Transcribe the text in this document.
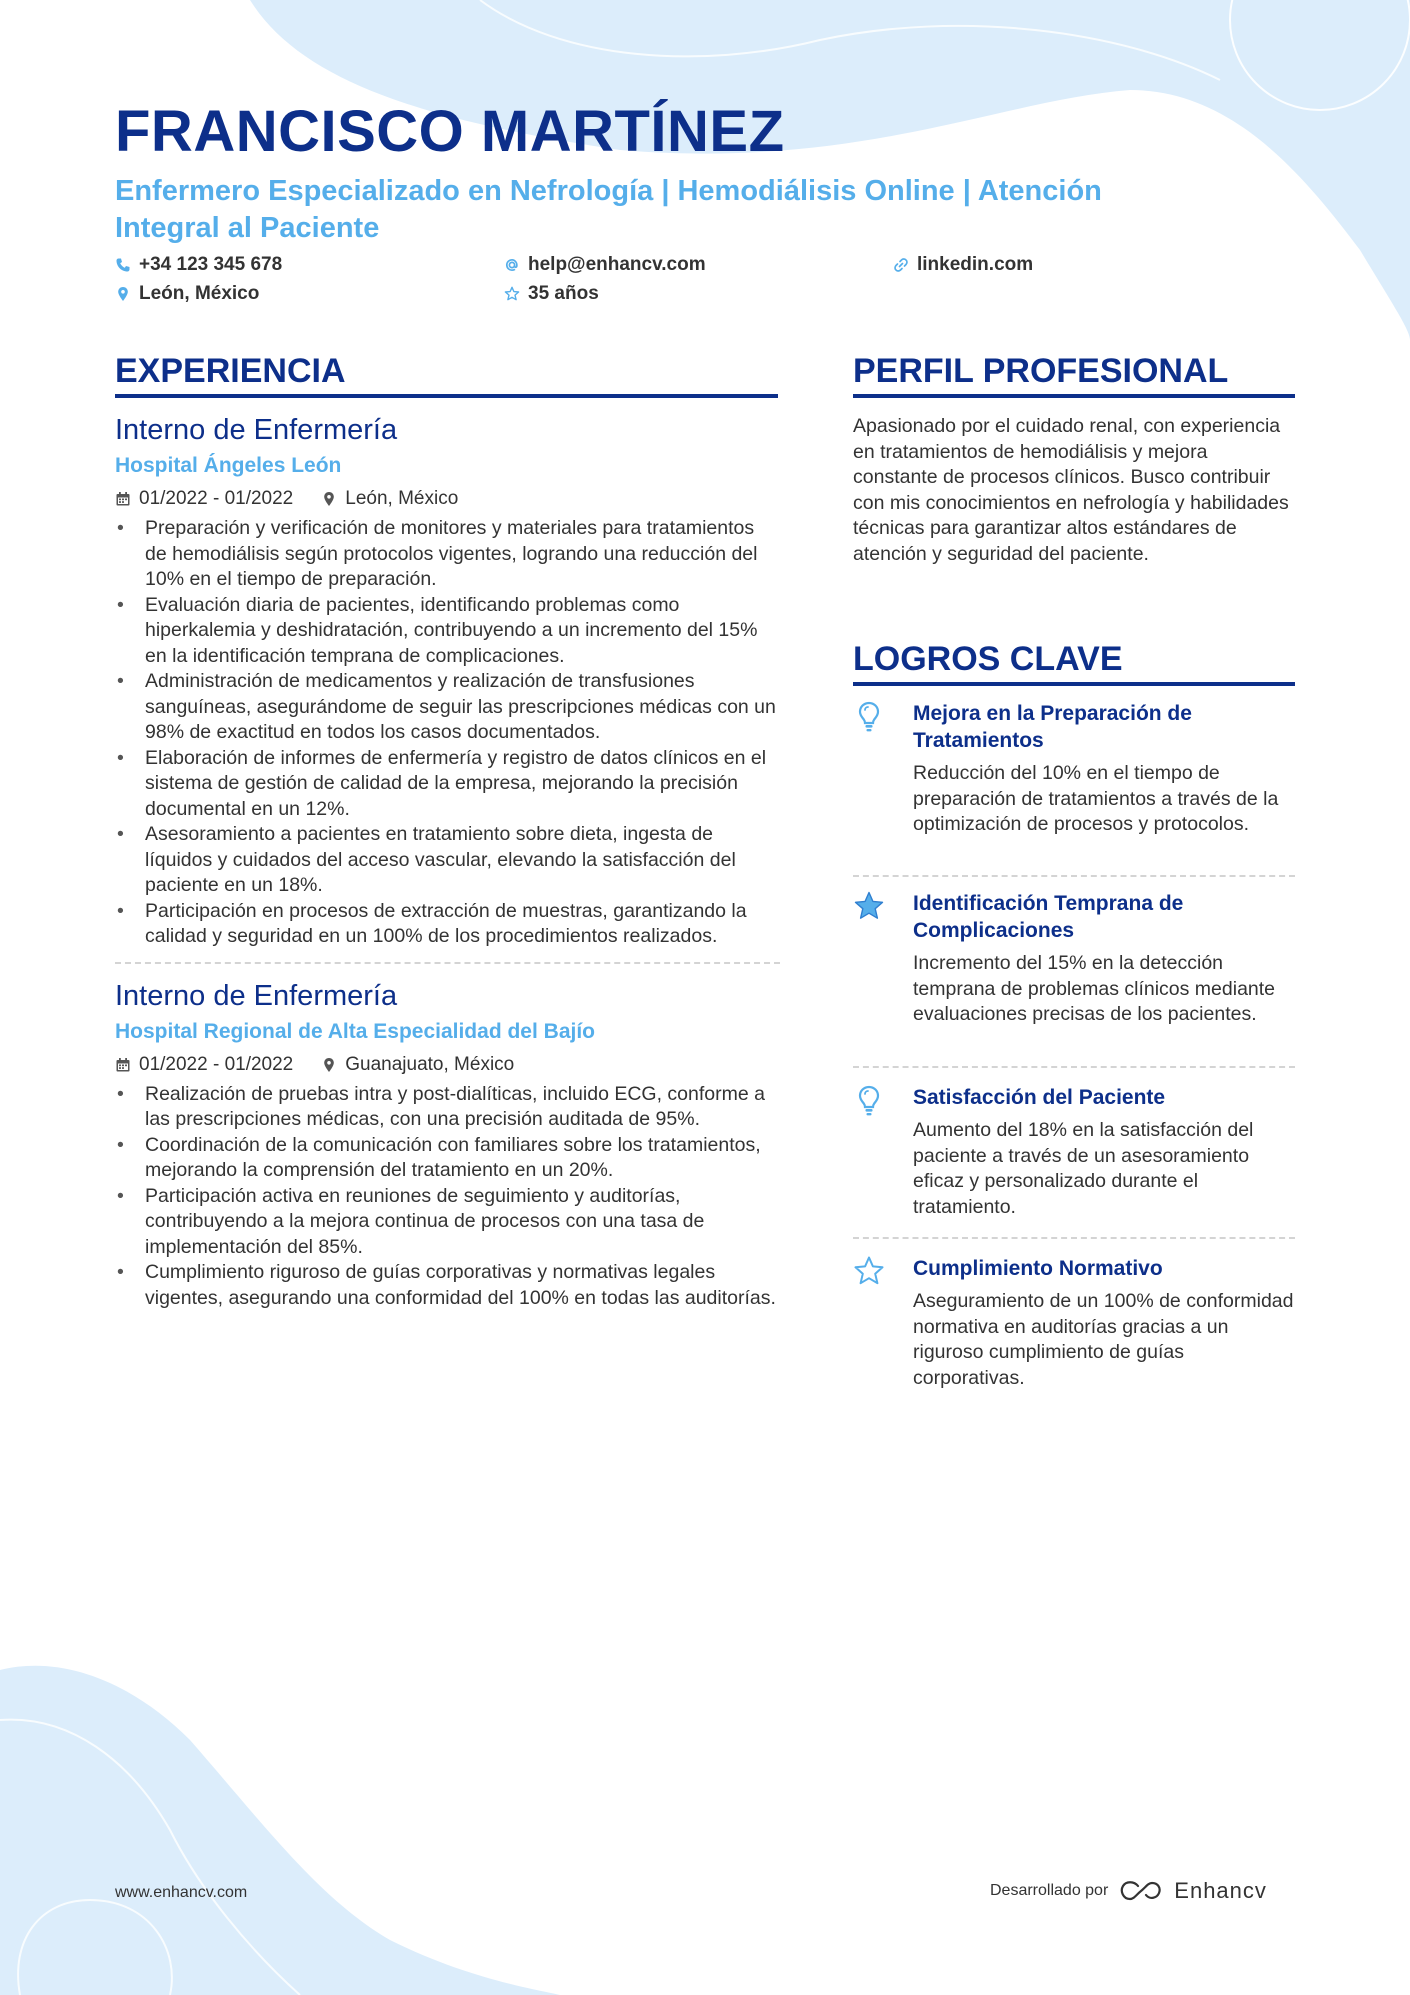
FRANCISCO MARTÍNEZ
Enfermero Especializado en Nefrología | Hemodiálisis Online | Atención Integral al Paciente
+34 123 345 678	help@enhancv.com	linkedin.com
León, México	35 años
EXPERIENCIA
Interno de Enfermería
Hospital Ángeles León
01/2022 - 01/2022	León, México
• Preparación y verificación de monitores y materiales para tratamientos de hemodiálisis según protocolos vigentes, logrando una reducción del 10% en el tiempo de preparación.
• Evaluación diaria de pacientes, identificando problemas como hiperkalemia y deshidratación, contribuyendo a un incremento del 15% en la identificación temprana de complicaciones.
• Administración de medicamentos y realización de transfusiones sanguíneas, asegurándome de seguir las prescripciones médicas con un 98% de exactitud en todos los casos documentados.
• Elaboración de informes de enfermería y registro de datos clínicos en el sistema de gestión de calidad de la empresa, mejorando la precisión documental en un 12%.
• Asesoramiento a pacientes en tratamiento sobre dieta, ingesta de líquidos y cuidados del acceso vascular, elevando la satisfacción del paciente en un 18%.
• Participación en procesos de extracción de muestras, garantizando la calidad y seguridad en un 100% de los procedimientos realizados.
Interno de Enfermería
Hospital Regional de Alta Especialidad del Bajío
01/2022 - 01/2022	Guanajuato, México
• Realización de pruebas intra y post-dialíticas, incluido ECG, conforme a las prescripciones médicas, con una precisión auditada de 95%.
• Coordinación de la comunicación con familiares sobre los tratamientos, mejorando la comprensión del tratamiento en un 20%.
• Participación activa en reuniones de seguimiento y auditorías, contribuyendo a la mejora continua de procesos con una tasa de implementación del 85%.
• Cumplimiento riguroso de guías corporativas y normativas legales vigentes, asegurando una conformidad del 100% en todas las auditorías.
PERFIL PROFESIONAL
Apasionado por el cuidado renal, con experiencia en tratamientos de hemodiálisis y mejora constante de procesos clínicos. Busco contribuir con mis conocimientos en nefrología y habilidades técnicas para garantizar altos estándares de atención y seguridad del paciente.
LOGROS CLAVE
Mejora en la Preparación de Tratamientos
Reducción del 10% en el tiempo de preparación de tratamientos a través de la optimización de procesos y protocolos.
Identificación Temprana de Complicaciones
Incremento del 15% en la detección temprana de problemas clínicos mediante evaluaciones precisas de los pacientes.
Satisfacción del Paciente
Aumento del 18% en la satisfacción del paciente a través de un asesoramiento eficaz y personalizado durante el tratamiento.
Cumplimiento Normativo
Aseguramiento de un 100% de conformidad normativa en auditorías gracias a un riguroso cumplimiento de guías corporativas.
www.enhancv.com	Desarrollado por	Enhancv
